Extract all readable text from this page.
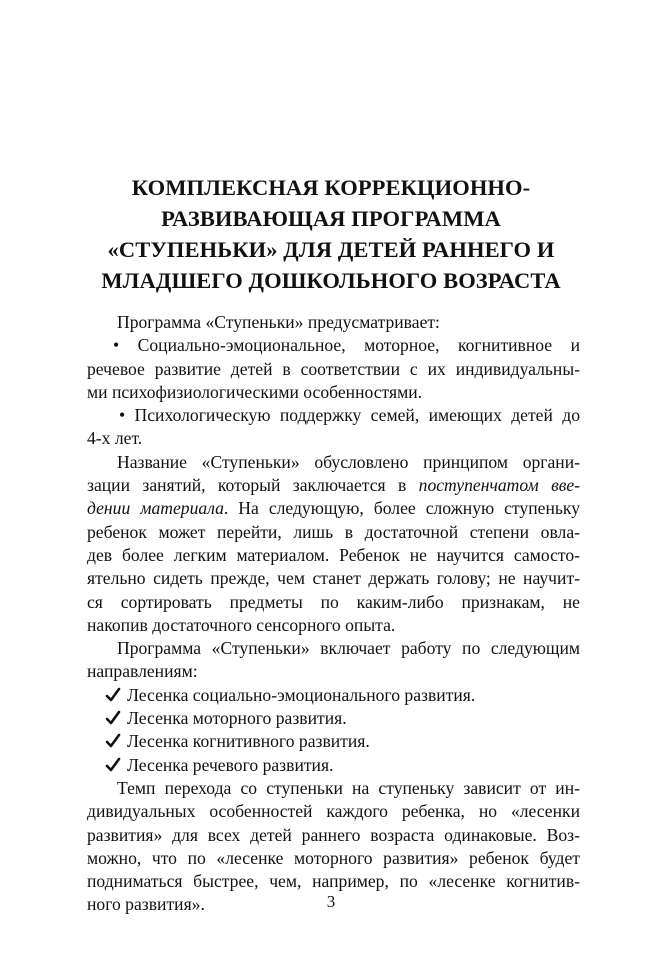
КОМПЛЕКСНАЯ КОРРЕКЦИОННО-
РАЗВИВАЮЩАЯ ПРОГРАММА
«СТУПЕНЬКИ» ДЛЯ ДЕТЕЙ РАННЕГО И
МЛАДШЕГО ДОШКОЛЬНОГО ВОЗРАСТА
Программа «Ступеньки» предусматривает:
• Социально-эмоциональное, моторное, когнитивное и
речевое развитие детей в соответствии с их индивидуальны-
ми психофизиологическими особенностями.
• Психологическую поддержку семей, имеющих детей до
4-х лет.
Название «Ступеньки» обусловлено принципом органи-
зации занятий, который заключается в поступенчатом вве-
дении материала. На следующую, более сложную ступеньку
ребенок может перейти, лишь в достаточной степени овла-
дев более легким материалом. Ребенок не научится самосто-
ятельно сидеть прежде, чем станет держать голову; не научит-
ся сортировать предметы по каким-либо признакам, не
накопив достаточного сенсорного опыта.
Программа «Ступеньки» включает работу по следующим
направлениям:
Лесенка социально-эмоционального развития.
Лесенка моторного развития.
Лесенка когнитивного развития.
Лесенка речевого развития.
Темп перехода со ступеньки на ступеньку зависит от ин-
дивидуальных особенностей каждого ребенка, но «лесенки
развития» для всех детей раннего возраста одинаковые. Воз-
можно, что по «лесенке моторного развития» ребенок будет
подниматься быстрее, чем, например, по «лесенке когнитив-
ного развития».	3
